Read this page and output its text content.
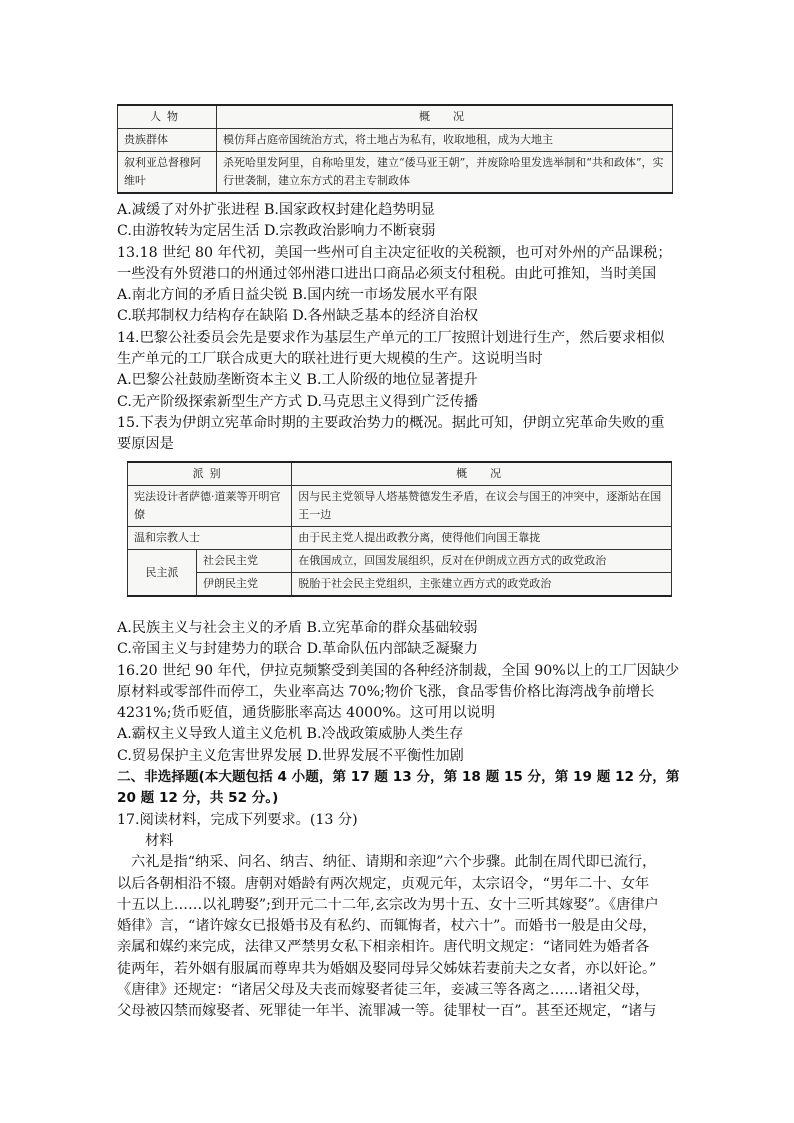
人物	概　况
贵族群体	模仿拜占庭帝国统治方式，将土地占为私有，收取地租，成为大地主
叙利亚总督穆阿维叶	杀死哈里发阿里，自称哈里发，建立“倭马亚王朝”，并废除哈里发选举制和“共和政体”，实行世袭制，建立东方式的君主专制政体

A.减缓了对外扩张进程 B.国家政权封建化趋势明显

C.由游牧转为定居生活 D.宗教政治影响力不断衰弱

13.18 世纪 80 年代初，美国一些州可自主决定征收的关税额，也可对外州的产品课税；

一些没有外贸港口的州通过邻州港口进出口商品必须支付租税。由此可推知，当时美国

A.南北方间的矛盾日益尖锐 B.国内统一市场发展水平有限

C.联邦制权力结构存在缺陷 D.各州缺乏基本的经济自治权

14.巴黎公社委员会先是要求作为基层生产单元的工厂按照计划进行生产，然后要求相似

生产单元的工厂联合成更大的联社进行更大规模的生产。这说明当时

A.巴黎公社鼓励垄断资本主义 B.工人阶级的地位显著提升

C.无产阶级探索新型生产方式 D.马克思主义得到广泛传播

15.下表为伊朗立宪革命时期的主要政治势力的概况。据此可知，伊朗立宪革命失败的重

要原因是

派别		概　况
宪法设计者萨德·道莱等开明官僚		因与民主党领导人塔基赞德发生矛盾，在议会与国王的冲突中，逐渐站在国王一边
温和宗教人士		由于民主党人提出政教分离，使得他们向国王靠拢
民主派	社会民主党	在俄国成立，回国发展组织，反对在伊朗成立西方式的政党政治
	伊朗民主党	脱胎于社会民主党组织，主张建立西方式的政党政治

A.民族主义与社会主义的矛盾 B.立宪革命的群众基础较弱

C.帝国主义与封建势力的联合 D.革命队伍内部缺乏凝聚力

16.20 世纪 90 年代，伊拉克频繁受到美国的各种经济制裁，全国 90%以上的工厂因缺少

原材料或零部件而停工，失业率高达 70%;物价飞涨，食品零售价格比海湾战争前增长

4231%;货币贬值，通货膨胀率高达 4000%。这可用以说明

A.霸权主义导致人道主义危机 B.冷战政策威胁人类生存

C.贸易保护主义危害世界发展 D.世界发展不平衡性加剧

二、非选择题(本大题包括 4 小题，第 17 题 13 分，第 18 题 15 分，第 19 题 12 分，第

20 题 12 分，共 52 分。)

17.阅读材料，完成下列要求。(13 分)

材料

六礼是指“纳采、问名、纳吉、纳征、请期和亲迎”六个步骤。此制在周代即已流行，

以后各朝相沿不辍。唐朝对婚龄有两次规定，贞观元年，太宗诏令，“男年二十、女年

十五以上……以礼聘娶”;到开元二十二年,玄宗改为男十五、女十三听其嫁娶”。《唐律户

婚律》言，“诸许嫁女已报婚书及有私约、而辄悔者，杖六十”。而婚书一般是由父母，

亲属和媒约来完成，法律又严禁男女私下相亲相许。唐代明文规定：“诸同姓为婚者各

徒两年，若外姻有服属而尊卑共为婚姻及娶同母异父姊妹若妻前夫之女者，亦以奸论。”

《唐律》还规定：“诸居父母及夫丧而嫁娶者徒三年，妾减三等各离之……诸祖父母，

父母被囚禁而嫁娶者、死罪徒一年半、流罪减一等。徒罪杖一百”。甚至还规定，“诸与
